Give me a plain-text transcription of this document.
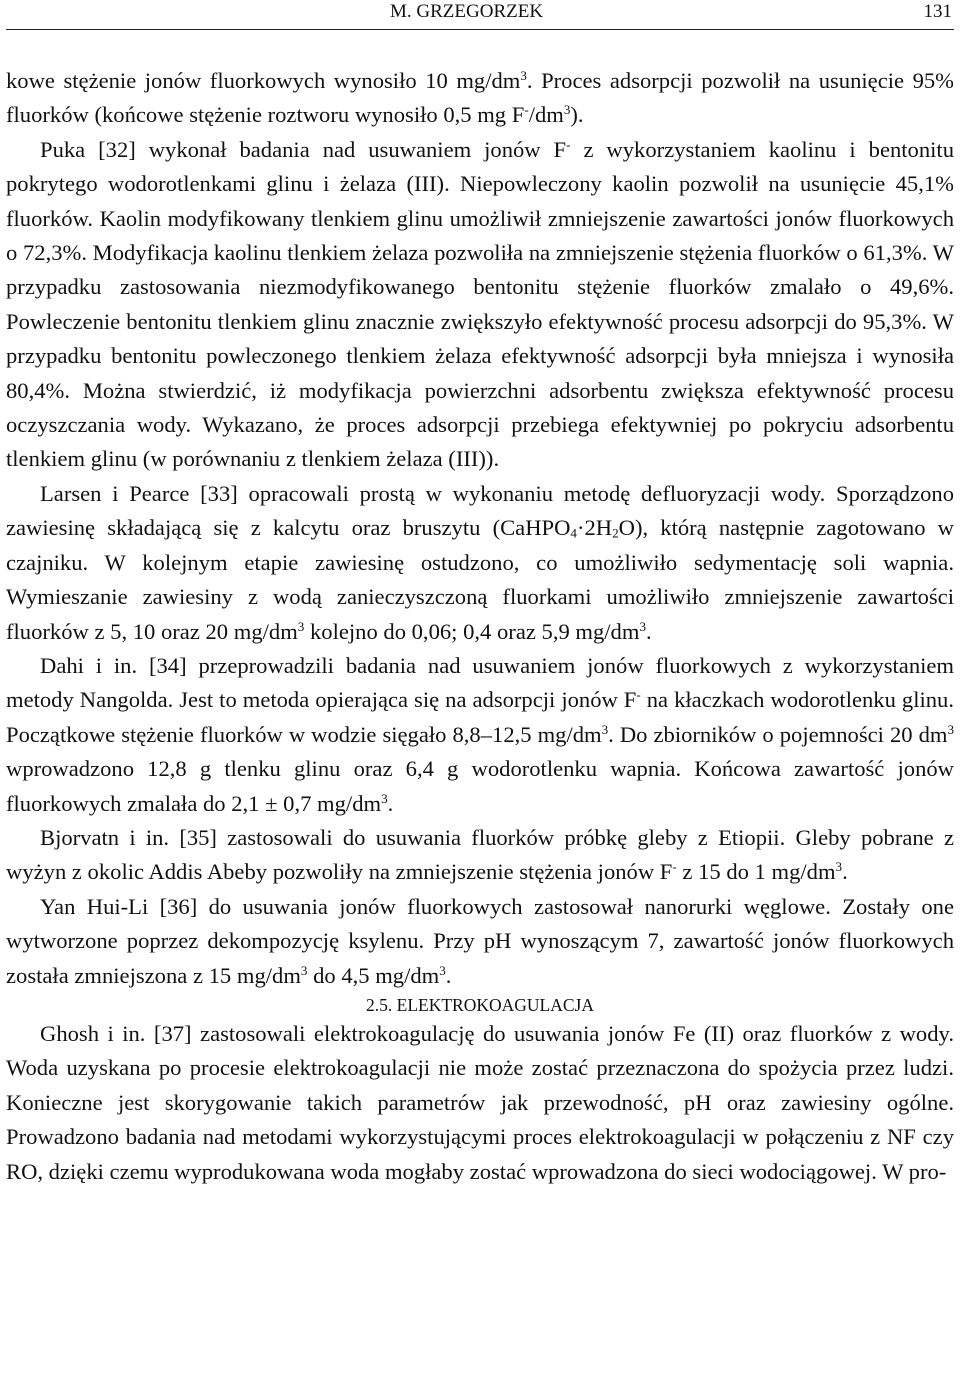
M. GRZEGORZEK	131

kowe stężenie jonów fluorkowych wynosiło 10 $mg/dm^3$. Proces adsorpcji pozwolił na usunięcie 95% fluorków (końcowe stężenie roztworu wynosiło 0,5 mg $F^-/dm^3$).

Puka [32] wykonał badania nad usuwaniem jonów F- z wykorzystaniem kaolinu i bentonitu pokrytego wodorotlenkami glinu i żelaza (III). Niepowleczony kaolin pozwolił na usunięcie 45,1% fluorków. Kaolin modyfikowany tlenkiem glinu umożliwił zmniejszenie zawartości jonów fluorkowych o 72,3%. Modyfikacja kaolinu tlenkiem żelaza pozwoliła na zmniejszenie stężenia fluorków o 61,3%. W przypadku zastosowania niezmodyfikowanego bentonitu stężenie fluorków zmalało o 49,6%. Powleczenie bentonitu tlenkiem glinu znacznie zwiększyło efektywność procesu adsorpcji do 95,3%. W przypadku bentonitu powleczonego tlenkiem żelaza efektywność adsorpcji była mniejsza i wynosiła 80,4%. Można stwierdzić, iż modyfikacja powierzchni adsorbentu zwiększa efektywność procesu oczyszczania wody. Wykazano, że proces adsorpcji przebiega efektywniej po pokryciu adsorbentu tlenkiem glinu (w porównaniu z tlenkiem żelaza (III)).

Larsen i Pearce [33] opracowali prostą w wykonaniu metodę defluoryzacji wody. Sporządzono zawiesinę składającą się z kalcytu oraz bruszytu $(CaHPO_4\cdot 2H_2O)$, którą następnie zagotowano w czajniku. W kolejnym etapie zawiesinę ostudzono, co umożliwiło sedymentację soli wapnia. Wymieszanie zawiesiny z wodą zanieczyszczoną fluorkami umożliwiło zmniejszenie zawartości fluorków z 5, 10 oraz 20 $mg/dm^3$ kolejno do 0,06; 0,4 oraz 5,9 $mg/dm^3$.

Dahi i in. [34] przeprowadzili badania nad usuwaniem jonów fluorkowych z wykorzystaniem metody Nangolda. Jest to metoda opierająca się na adsorpcji jonów F- na kłaczkach wodorotlenku glinu. Początkowe stężenie fluorków w wodzie sięgało 8,8–12,5 $mg/dm^3$. Do zbiorników o pojemności 20 $dm^3$ wprowadzono 12,8 g tlenku glinu oraz 6,4 g wodorotlenku wapnia. Końcowa zawartość jonów fluorkowych zmalała do 2,1 ± 0,7 $mg/dm^3$.

Bjorvatn i in. [35] zastosowali do usuwania fluorków próbkę gleby z Etiopii. Gleby pobrane z wyżyn z okolic Addis Abeby pozwoliły na zmniejszenie stężenia jonów F- z 15 do 1 $mg/dm^3$.

Yan Hui-Li [36] do usuwania jonów fluorkowych zastosował nanorurki węglowe. Zostały one wytworzone poprzez dekompozycję ksylenu. Przy pH wynoszącym 7, zawartość jonów fluorkowych została zmniejszona z 15 $mg/dm^3$ do 4,5 $mg/dm^3$.

2.5. ELEKTROKOAGULACJA

Ghosh i in. [37] zastosowali elektrokoagulację do usuwania jonów Fe (II) oraz fluorków z wody. Woda uzyskana po procesie elektrokoagulacji nie może zostać przeznaczona do spożycia przez ludzi. Konieczne jest skorygowanie takich parametrów jak przewodność, pH oraz zawiesiny ogólne. Prowadzono badania nad metodami wykorzystującymi proces elektrokoagulacji w połączeniu z NF czy RO, dzięki czemu wyprodukowana woda mogłaby zostać wprowadzona do sieci wodociągowej. W pro-
